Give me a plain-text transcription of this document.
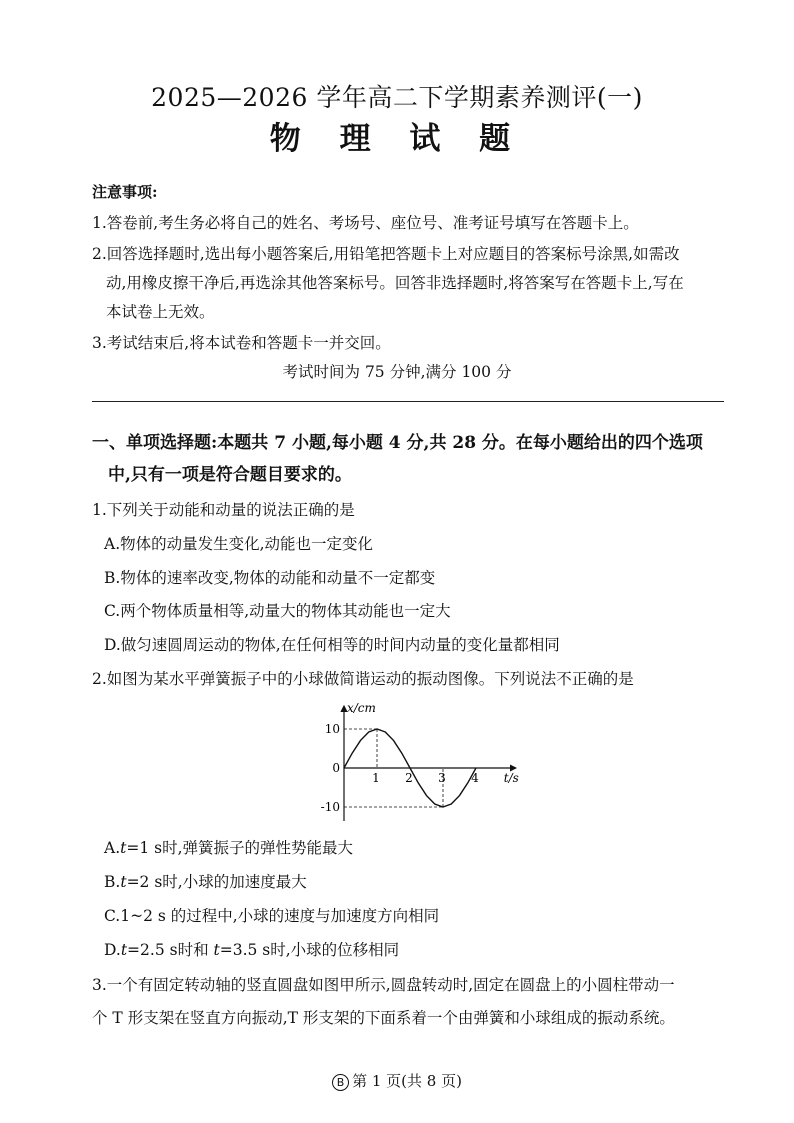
2025—2026 学年高二下学期素养测评(一)
物 理 试 题
注意事项:
1.答卷前,考生务必将自己的姓名、考场号、座位号、准考证号填写在答题卡上。
2.回答选择题时,选出每小题答案后,用铅笔把答题卡上对应题目的答案标号涂黑,如需改
动,用橡皮擦干净后,再选涂其他答案标号。回答非选择题时,将答案写在答题卡上,写在
本试卷上无效。
3.考试结束后,将本试卷和答题卡一并交回。
考试时间为 75 分钟,满分 100 分
一、单项选择题:本题共 7 小题,每小题 4 分,共 28 分。在每小题给出的四个选项
中,只有一项是符合题目要求的。
1.下列关于动能和动量的说法正确的是
A.物体的动量发生变化,动能也一定变化
B.物体的速率改变,物体的动能和动量不一定都变
C.两个物体质量相等,动量大的物体其动能也一定大
D.做匀速圆周运动的物体,在任何相等的时间内动量的变化量都相同
2.如图为某水平弹簧振子中的小球做简谐运动的振动图像。下列说法不正确的是
1 2 3 4
10
0
-10
x/cm
t/s
A.t=1 s时,弹簧振子的弹性势能最大
B.t=2 s时,小球的加速度最大
C.1~2 s 的过程中,小球的速度与加速度方向相同
D.t=2.5 s时和 t=3.5 s时,小球的位移相同
3.一个有固定转动轴的竖直圆盘如图甲所示,圆盘转动时,固定在圆盘上的小圆柱带动一
个 T 形支架在竖直方向振动,T 形支架的下面系着一个由弹簧和小球组成的振动系统。
B 第 1 页(共 8 页)
